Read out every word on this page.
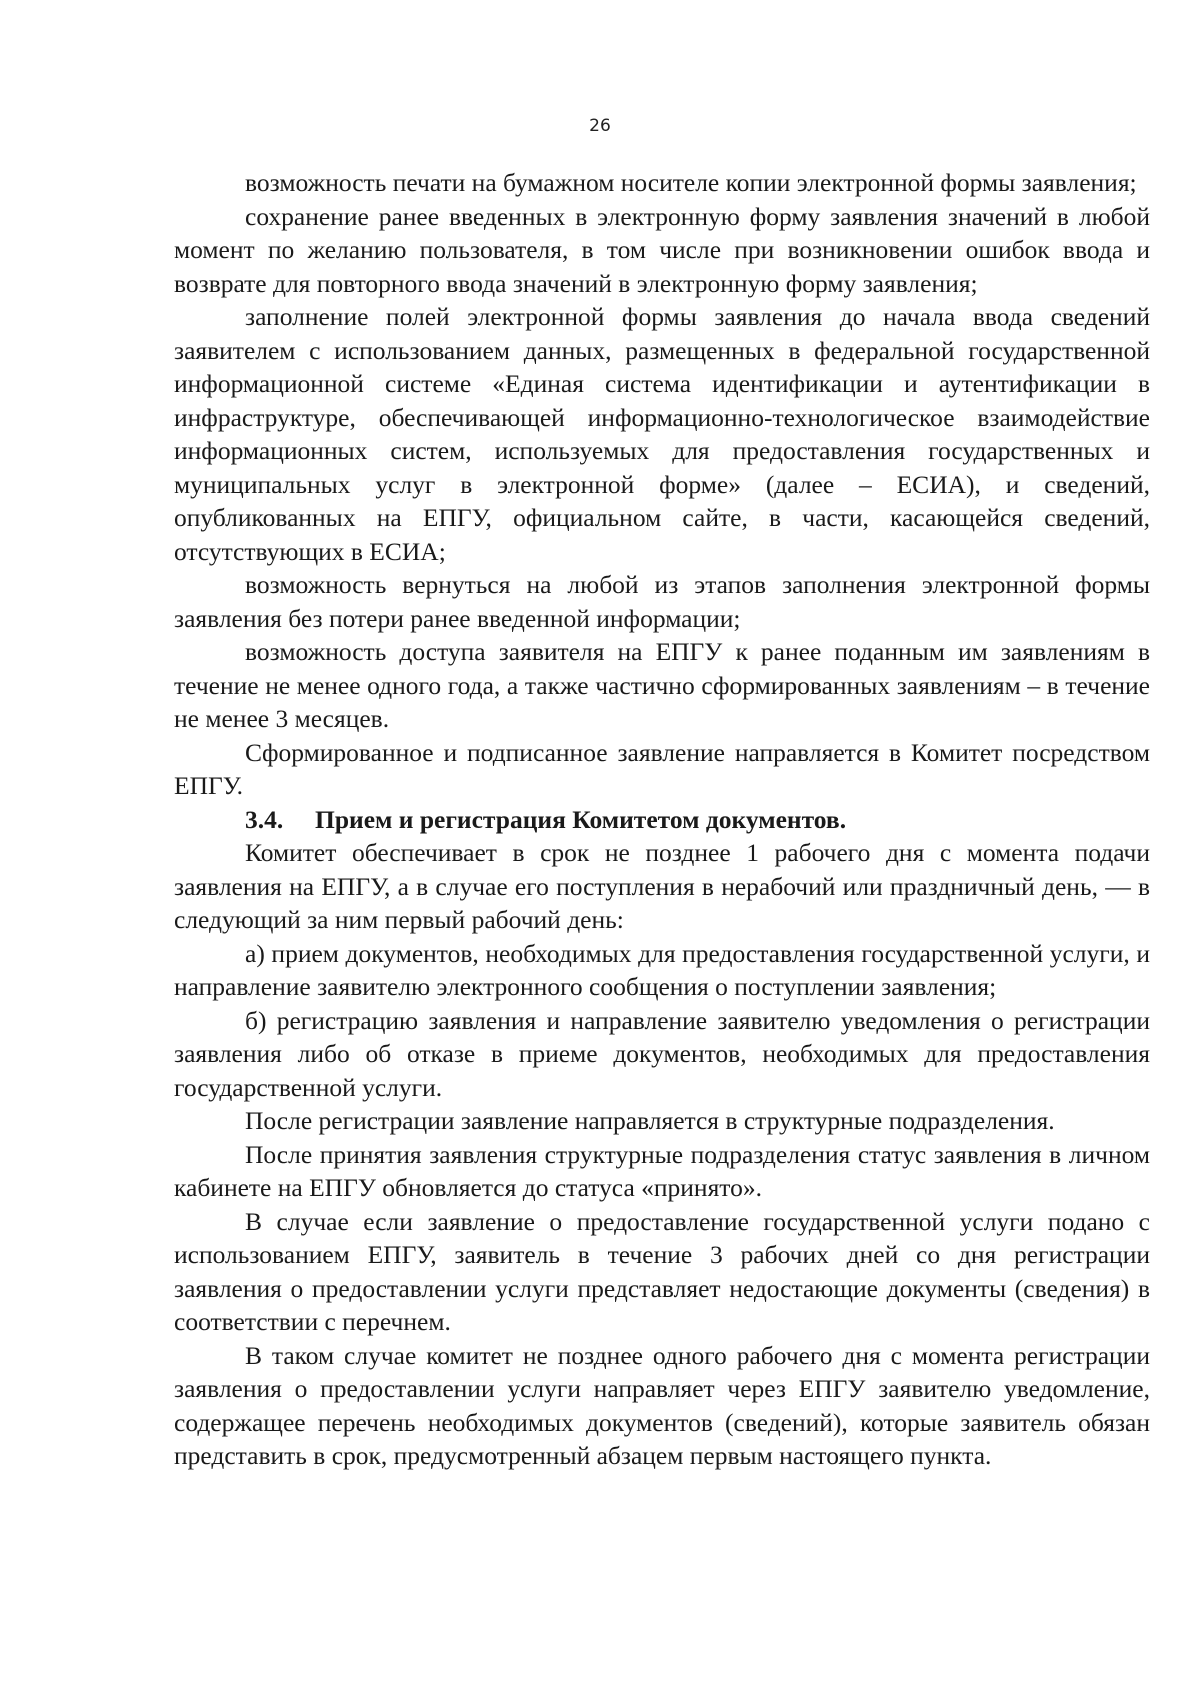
26

возможность печати на бумажном носителе копии электронной формы заявления;

сохранение ранее введенных в электронную форму заявления значений в любой момент по желанию пользователя, в том числе при возникновении ошибок ввода и возврате для повторного ввода значений в электронную форму заявления;

заполнение полей электронной формы заявления до начала ввода сведений заявителем с использованием данных, размещенных в федеральной государственной информационной системе «Единая система идентификации и аутентификации в инфраструктуре, обеспечивающей информационно-технологическое взаимодействие информационных систем, используемых для предоставления государственных и муниципальных услуг в электронной форме» (далее – ЕСИА), и сведений, опубликованных на ЕПГУ, официальном сайте, в части, касающейся сведений, отсутствующих в ЕСИА;

возможность вернуться на любой из этапов заполнения электронной формы заявления без потери ранее введенной информации;

возможность доступа заявителя на ЕПГУ к ранее поданным им заявлениям в течение не менее одного года, а также частично сформированных заявлениям – в течение не менее 3 месяцев.

Сформированное и подписанное заявление направляется в Комитет посредством ЕПГУ.

3.4. Прием и регистрация Комитетом документов.

Комитет обеспечивает в срок не позднее 1 рабочего дня с момента подачи заявления на ЕПГУ, а в случае его поступления в нерабочий или праздничный день, — в следующий за ним первый рабочий день:

а) прием документов, необходимых для предоставления государственной услуги, и направление заявителю электронного сообщения о поступлении заявления;

б) регистрацию заявления и направление заявителю уведомления о регистрации заявления либо об отказе в приеме документов, необходимых для предоставления государственной услуги.

После регистрации заявление направляется в структурные подразделения.

После принятия заявления структурные подразделения статус заявления в личном кабинете на ЕПГУ обновляется до статуса «принято».

В случае если заявление о предоставление государственной услуги подано с использованием ЕПГУ, заявитель в течение 3 рабочих дней со дня регистрации заявления о предоставлении услуги представляет недостающие документы (сведения) в соответствии с перечнем.

В таком случае комитет не позднее одного рабочего дня с момента регистрации заявления о предоставлении услуги направляет через ЕПГУ заявителю уведомление, содержащее перечень необходимых документов (сведений), которые заявитель обязан представить в срок, предусмотренный абзацем первым настоящего пункта.
